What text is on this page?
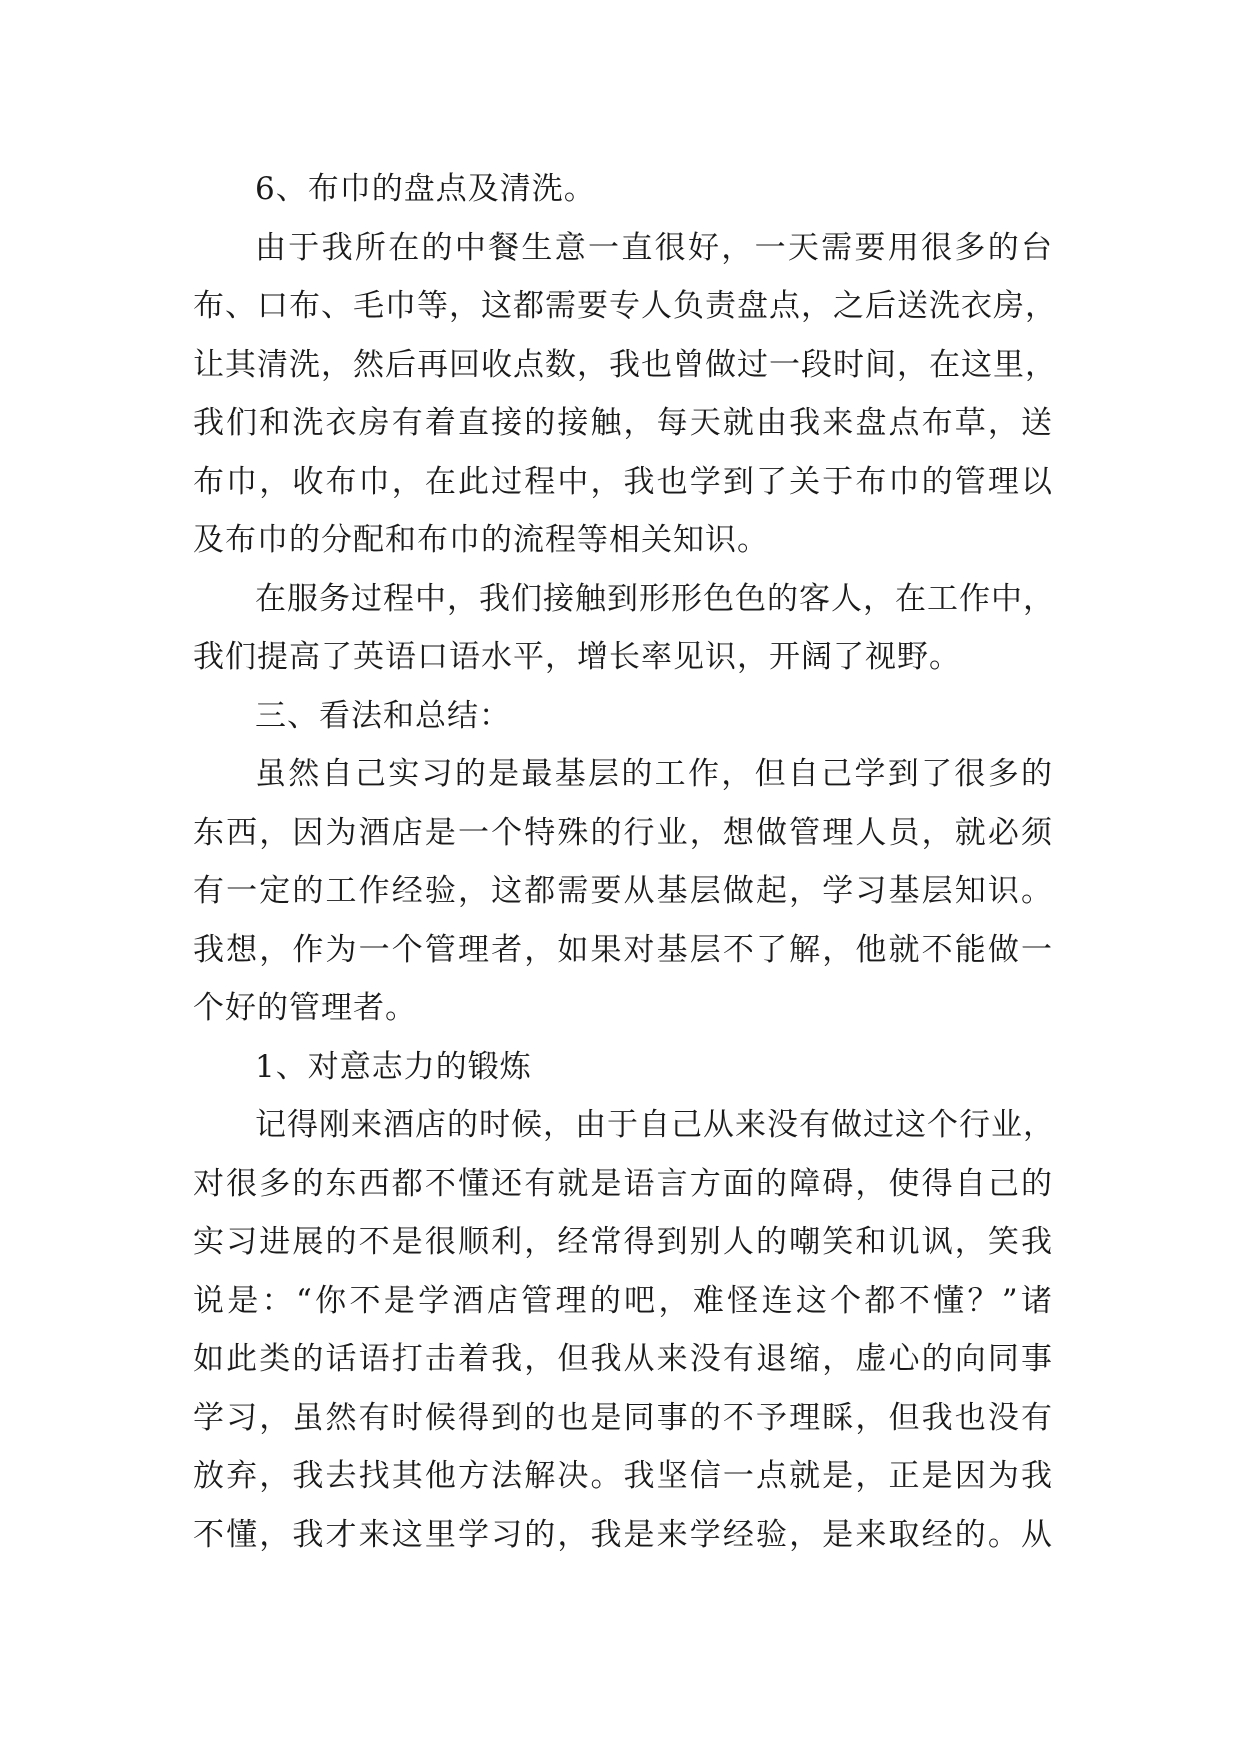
6、布巾的盘点及清洗。
由于我所在的中餐生意一直很好，一天需要用很多的台
布、口布、毛巾等，这都需要专人负责盘点，之后送洗衣房，
让其清洗，然后再回收点数，我也曾做过一段时间，在这里，
我们和洗衣房有着直接的接触，每天就由我来盘点布草，送
布巾，收布巾，在此过程中，我也学到了关于布巾的管理以
及布巾的分配和布巾的流程等相关知识。
在服务过程中，我们接触到形形色色的客人，在工作中，
我们提高了英语口语水平，增长率见识，开阔了视野。
三、看法和总结：
虽然自己实习的是最基层的工作，但自己学到了很多的
东西，因为酒店是一个特殊的行业，想做管理人员，就必须
有一定的工作经验，这都需要从基层做起，学习基层知识。
我想，作为一个管理者，如果对基层不了解，他就不能做一
个好的管理者。
1、对意志力的锻炼
记得刚来酒店的时候，由于自己从来没有做过这个行业，
对很多的东西都不懂还有就是语言方面的障碍，使得自己的
实习进展的不是很顺利，经常得到别人的嘲笑和讥讽，笑我
说是：“你不是学酒店管理的吧，难怪连这个都不懂？”诸
如此类的话语打击着我，但我从来没有退缩，虚心的向同事
学习，虽然有时候得到的也是同事的不予理睬，但我也没有
放弃，我去找其他方法解决。我坚信一点就是，正是因为我
不懂，我才来这里学习的，我是来学经验，是来取经的。从
